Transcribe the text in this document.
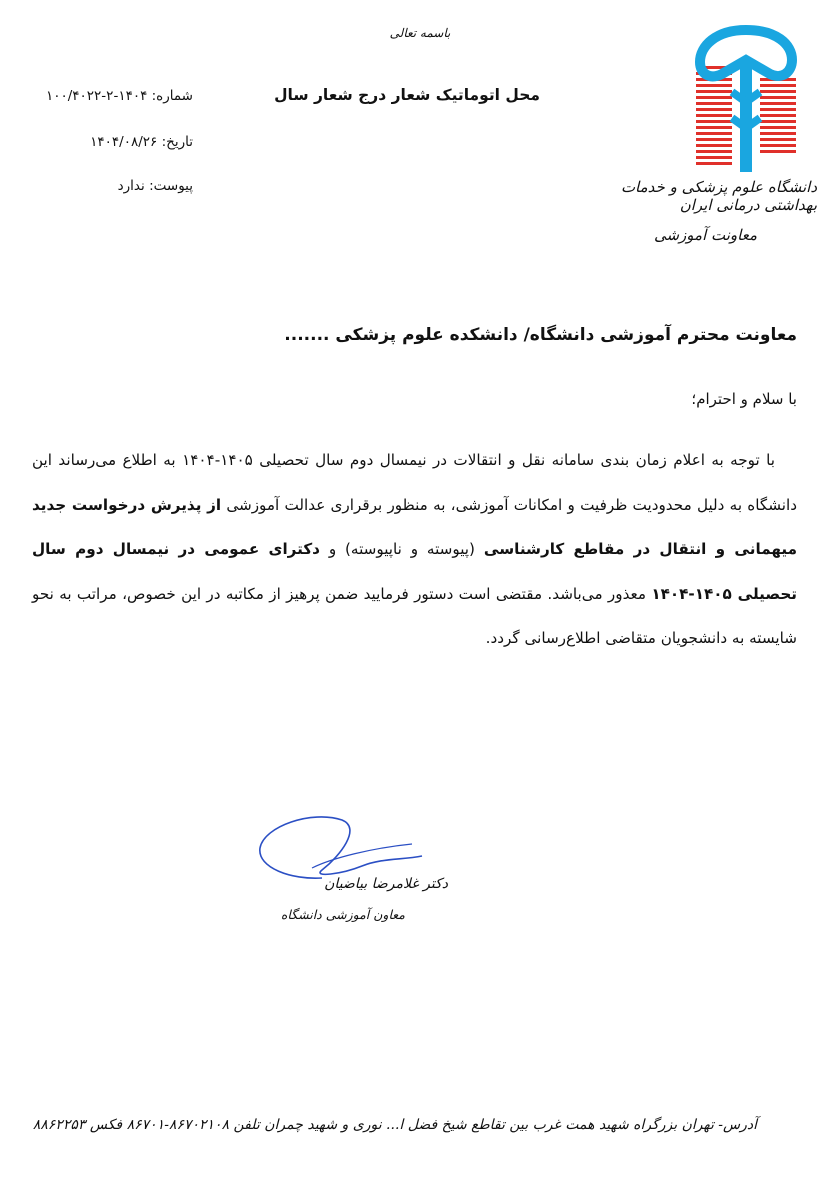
باسمه تعالی
دانشگاه علوم پزشکی و خدمات بهداشتی درمانی ایران
معاونت آموزشی
محل اتوماتیک شعار درج شعار سال
شماره: ۱۴۰۴-۲-۱۰۰/۴۰۲۲
تاریخ: ۱۴۰۴/۰۸/۲۶
پیوست: ندارد
معاونت محترم آموزشی دانشگاه/ دانشکده علوم پزشکی .......
با سلام و احترام؛

با توجه به اعلام زمان بندی سامانه نقل و انتقالات در نیمسال دوم سال تحصیلی ۱۴۰۵-۱۴۰۴ به اطلاع می‌رساند این دانشگاه به دلیل محدودیت ظرفیت و امکانات آموزشی، به منظور برقراری عدالت آموزشی از پذیرش درخواست جدید میهمانی و انتقال در مقاطع کارشناسی (پیوسته و ناپیوسته) و دکترای عمومی در نیمسال دوم سال تحصیلی ۱۴۰۵-۱۴۰۴ معذور می‌باشد. مقتضی است دستور فرمایید ضمن پرهیز از مکاتبه در این خصوص، مراتب به نحو شایسته به دانشجویان متقاضی اطلاع‌رسانی گردد.

دکتر غلامرضا بیاضیان
معاون آموزشی دانشگاه
آدرس- تهران بزرگراه شهید همت غرب بین تقاطع شیخ فضل ا... نوری و شهید چمران تلفن ۸۶۷۰۲۱۰۸-۸۶۷۰۱ فکس ۸۸۶۲۲۵۳
